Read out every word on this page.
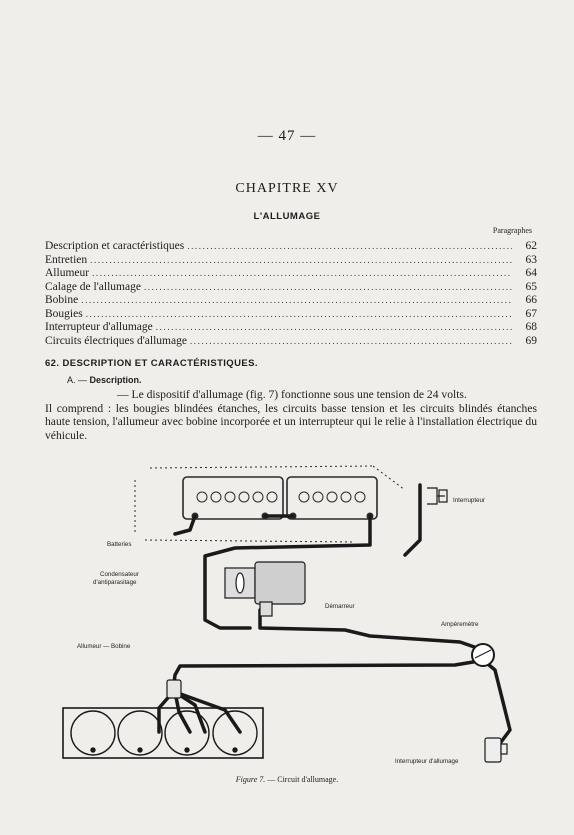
— 47 —
CHAPITRE XV
L'ALLUMAGE
Paragraphes
Description et caractéristiques .....	62
Entretien .....	63
Allumeur .....	64
Calage de l'allumage .....	65
Bobine .....	66
Bougies .....	67
Interrupteur d'allumage .....	68
Circuits électriques d'allumage .....	69
62. DESCRIPTION ET CARACTÉRISTIQUES.
A. — Description.
— Le dispositif d'allumage (fig. 7) fonctionne sous une tension de 24 volts.
Il comprend : les bougies blindées étanches, les circuits basse tension et les circuits blindés étanches haute tension, l'allumeur avec bobine incorporée et un interrupteur qui le relie à l'installation électrique du véhicule.
Interrupteur
Batteries
Condensateur
d'antiparasitage
Démarreur
Ampèremètre
Allumeur — Bobine
Interrupteur d'allumage
Figure 7. — Circuit d'allumage.
